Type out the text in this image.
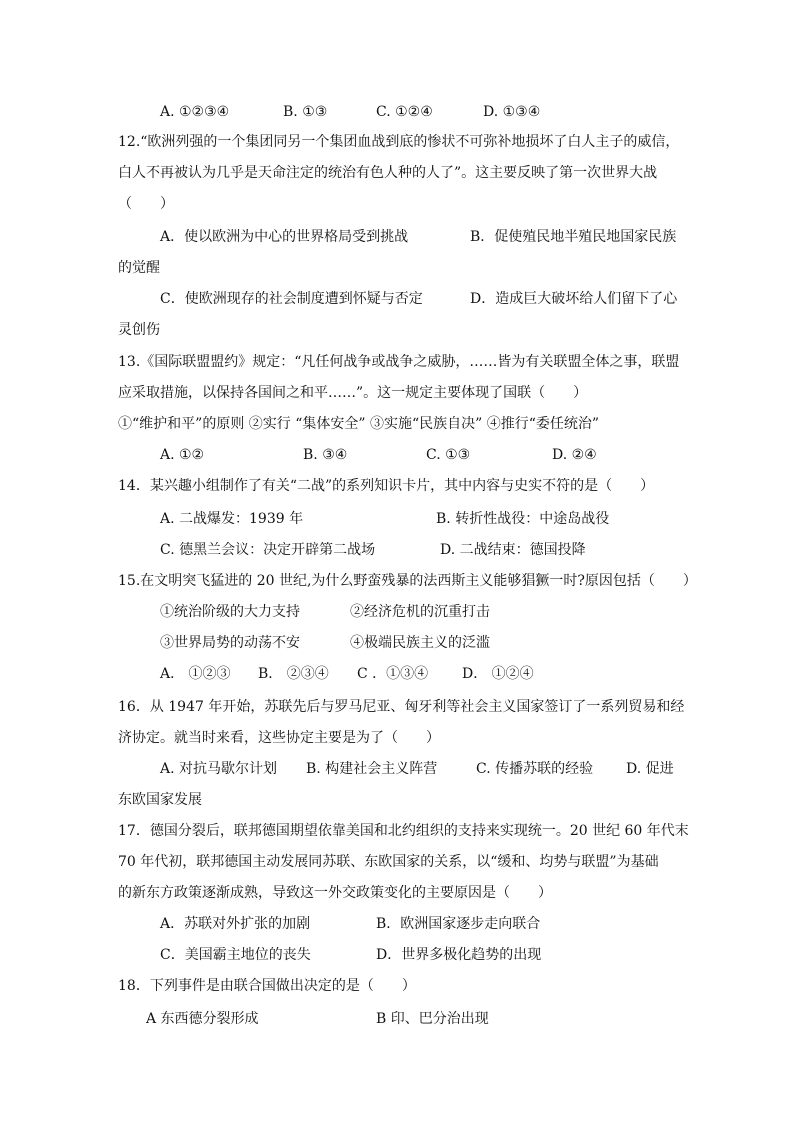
A. ①②③④	B. ①③	C. ①②④	D. ①③④
12.“欧洲列强的一个集团同另一个集团血战到底的惨状不可弥补地损坏了白人主子的威信，
白人不再被认为几乎是天命注定的统治有色人种的人了”。这主要反映了第一次世界大战
（　　）
A．使以欧洲为中心的世界格局受到挑战	B．促使殖民地半殖民地国家民族
的觉醒
C．使欧洲现存的社会制度遭到怀疑与否定	D．造成巨大破坏给人们留下了心
灵创伤
13.《国际联盟盟约》规定：“凡任何战争或战争之威胁，……皆为有关联盟全体之事，联盟
应采取措施，以保持各国间之和平……”。这一规定主要体现了国联（　　）
①“维护和平”的原则 ②实行 “集体安全” ③实施“民族自决” ④推行“委任统治”
A. ①②	B. ③④	C. ①③	D. ②④
14．某兴趣小组制作了有关“二战”的系列知识卡片，其中内容与史实不符的是（　　）
A. 二战爆发：1939 年	B. 转折性战役：中途岛战役
C. 德黑兰会议：决定开辟第二战场	D. 二战结束：德国投降
15.在文明突飞猛进的 20 世纪,为什么野蛮残暴的法西斯主义能够猖獗一时?原因包括（　　）
①统治阶级的大力支持	②经济危机的沉重打击
③世界局势的动荡不安	④极端民族主义的泛滥
A． ①②③ B． ②③④ C ．①③④ D． ①②④
16．从 1947 年开始，苏联先后与罗马尼亚、匈牙利等社会主义国家签订了一系列贸易和经
济协定。就当时来看，这些协定主要是为了（　　）
A. 对抗马歇尔计划 B. 构建社会主义阵营	C. 传播苏联的经验 D. 促进
东欧国家发展
17．德国分裂后，联邦德国期望依靠美国和北约组织的支持来实现统一。20 世纪 60 年代末
70 年代初，联邦德国主动发展同苏联、东欧国家的关系，以“缓和、均势与联盟”为基础
的新东方政策逐渐成熟，导致这一外交政策变化的主要原因是（　　）
A．苏联对外扩张的加剧	B．欧洲国家逐步走向联合
C．美国霸主地位的丧失	D．世界多极化趋势的出现
18．下列事件是由联合国做出决定的是（　　）
A 东西德分裂形成	B 印、巴分治出现
